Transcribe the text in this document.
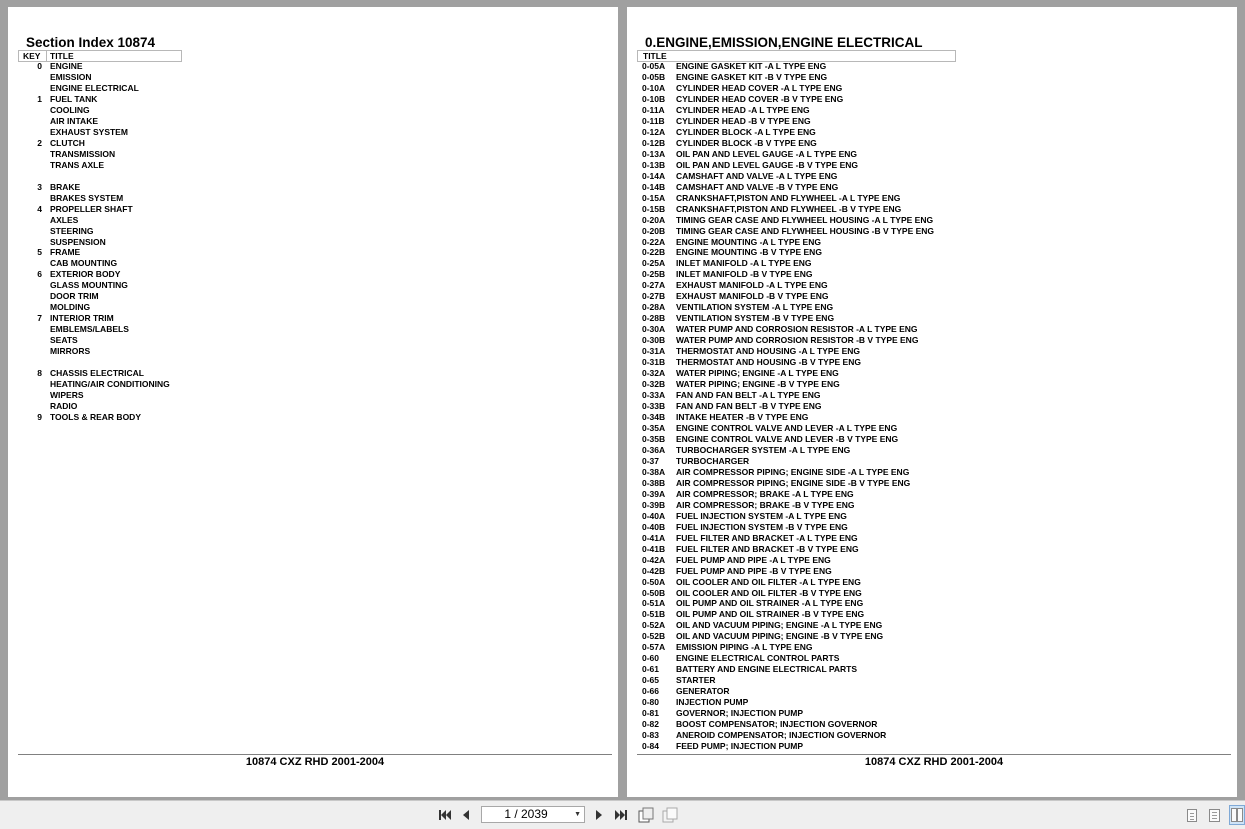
Section Index 10874
KEY TITLE
0 ENGINE
EMISSION
ENGINE ELECTRICAL
1 FUEL TANK
COOLING
AIR INTAKE
EXHAUST SYSTEM
2 CLUTCH
TRANSMISSION
TRANS AXLE
3 BRAKE
BRAKES SYSTEM
4 PROPELLER SHAFT
AXLES
STEERING
SUSPENSION
5 FRAME
CAB MOUNTING
6 EXTERIOR BODY
GLASS MOUNTING
DOOR TRIM
MOLDING
7 INTERIOR TRIM
EMBLEMS/LABELS
SEATS
MIRRORS
8 CHASSIS ELECTRICAL
HEATING/AIR CONDITIONING
WIPERS
RADIO
9 TOOLS & REAR BODY
10874 CXZ RHD 2001-2004
0.ENGINE,EMISSION,ENGINE ELECTRICAL
TITLE
0-05A ENGINE GASKET KIT -A L TYPE ENG
0-05B ENGINE GASKET KIT -B V TYPE ENG
0-10A CYLINDER HEAD COVER -A L TYPE ENG
0-10B CYLINDER HEAD COVER -B V TYPE ENG
0-11A CYLINDER HEAD -A L TYPE ENG
0-11B CYLINDER HEAD -B V TYPE ENG
0-12A CYLINDER BLOCK -A L TYPE ENG
0-12B CYLINDER BLOCK -B V TYPE ENG
0-13A OIL PAN AND LEVEL GAUGE -A L TYPE ENG
0-13B OIL PAN AND LEVEL GAUGE -B V TYPE ENG
0-14A CAMSHAFT AND VALVE -A L TYPE ENG
0-14B CAMSHAFT AND VALVE -B V TYPE ENG
0-15A CRANKSHAFT,PISTON AND FLYWHEEL -A L TYPE ENG
0-15B CRANKSHAFT,PISTON AND FLYWHEEL -B V TYPE ENG
0-20A TIMING GEAR CASE AND FLYWHEEL HOUSING -A L TYPE ENG
0-20B TIMING GEAR CASE AND FLYWHEEL HOUSING -B V TYPE ENG
0-22A ENGINE MOUNTING -A L TYPE ENG
0-22B ENGINE MOUNTING -B V TYPE ENG
0-25A INLET MANIFOLD -A L TYPE ENG
0-25B INLET MANIFOLD -B V TYPE ENG
0-27A EXHAUST MANIFOLD -A L TYPE ENG
0-27B EXHAUST MANIFOLD -B V TYPE ENG
0-28A VENTILATION SYSTEM -A L TYPE ENG
0-28B VENTILATION SYSTEM -B V TYPE ENG
0-30A WATER PUMP AND CORROSION RESISTOR -A L TYPE ENG
0-30B WATER PUMP AND CORROSION RESISTOR -B V TYPE ENG
0-31A THERMOSTAT AND HOUSING -A L TYPE ENG
0-31B THERMOSTAT AND HOUSING -B V TYPE ENG
0-32A WATER PIPING; ENGINE -A L TYPE ENG
0-32B WATER PIPING; ENGINE -B V TYPE ENG
0-33A FAN AND FAN BELT -A L TYPE ENG
0-33B FAN AND FAN BELT -B V TYPE ENG
0-34B INTAKE HEATER -B V TYPE ENG
0-35A ENGINE CONTROL VALVE AND LEVER -A L TYPE ENG
0-35B ENGINE CONTROL VALVE AND LEVER -B V TYPE ENG
0-36A TURBOCHARGER SYSTEM -A L TYPE ENG
0-37 TURBOCHARGER
0-38A AIR COMPRESSOR PIPING; ENGINE SIDE -A L TYPE ENG
0-38B AIR COMPRESSOR PIPING; ENGINE SIDE -B V TYPE ENG
0-39A AIR COMPRESSOR; BRAKE -A L TYPE ENG
0-39B AIR COMPRESSOR; BRAKE -B V TYPE ENG
0-40A FUEL INJECTION SYSTEM -A L TYPE ENG
0-40B FUEL INJECTION SYSTEM -B V TYPE ENG
0-41A FUEL FILTER AND BRACKET -A L TYPE ENG
0-41B FUEL FILTER AND BRACKET -B V TYPE ENG
0-42A FUEL PUMP AND PIPE -A L TYPE ENG
0-42B FUEL PUMP AND PIPE -B V TYPE ENG
0-50A OIL COOLER AND OIL FILTER -A L TYPE ENG
0-50B OIL COOLER AND OIL FILTER -B V TYPE ENG
0-51A OIL PUMP AND OIL STRAINER -A L TYPE ENG
0-51B OIL PUMP AND OIL STRAINER -B V TYPE ENG
0-52A OIL AND VACUUM PIPING; ENGINE -A L TYPE ENG
0-52B OIL AND VACUUM PIPING; ENGINE -B V TYPE ENG
0-57A EMISSION PIPING -A L TYPE ENG
0-60 ENGINE ELECTRICAL CONTROL PARTS
0-61 BATTERY AND ENGINE ELECTRICAL PARTS
0-65 STARTER
0-66 GENERATOR
0-80 INJECTION PUMP
0-81 GOVERNOR; INJECTION PUMP
0-82 BOOST COMPENSATOR; INJECTION GOVERNOR
0-83 ANEROID COMPENSATOR; INJECTION GOVERNOR
0-84 FEED PUMP; INJECTION PUMP
10874 CXZ RHD 2001-2004
1 / 2039	▼
